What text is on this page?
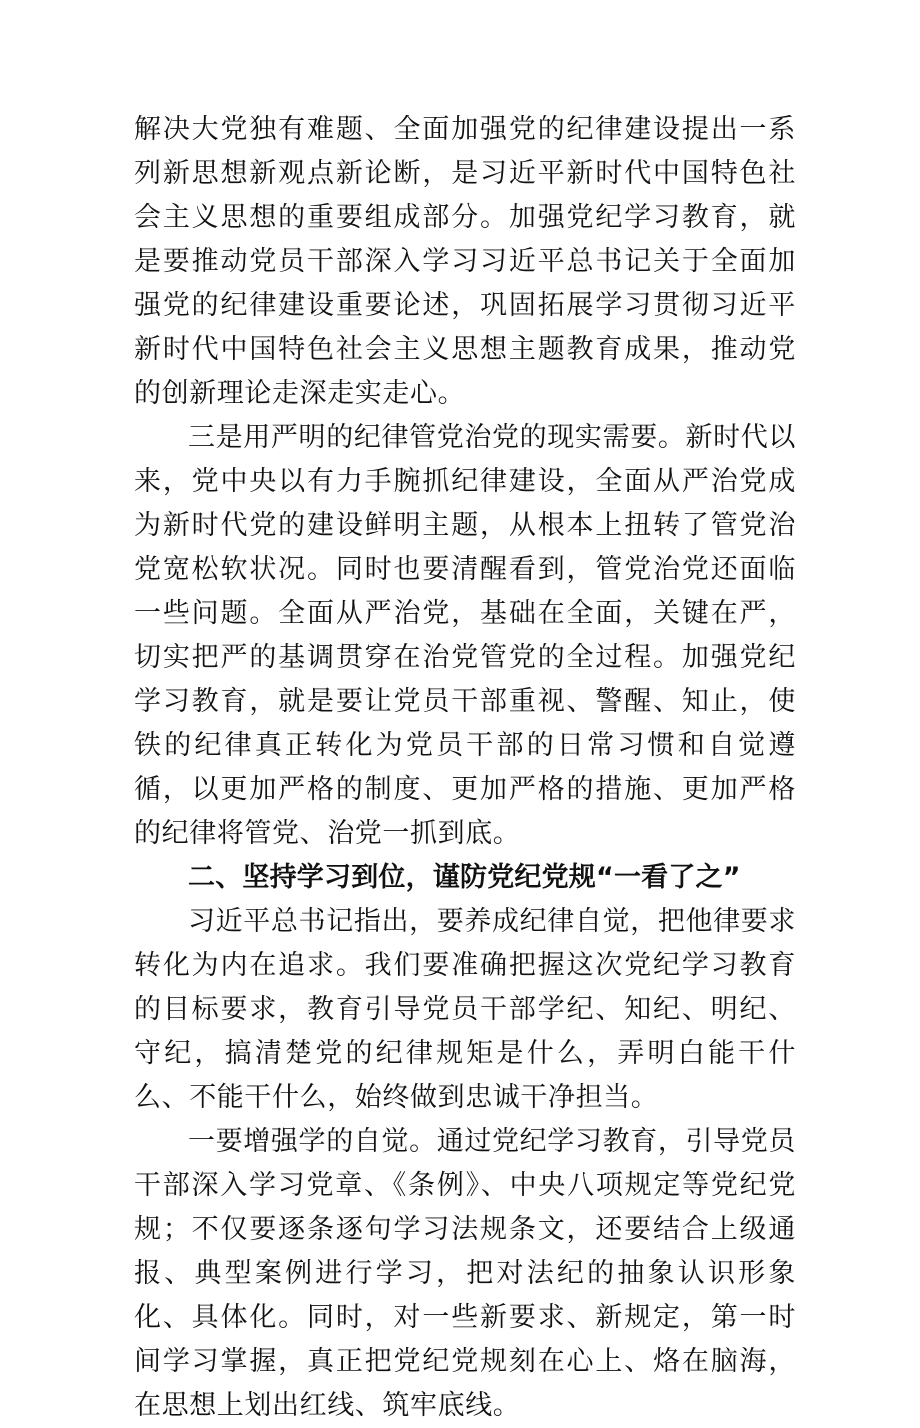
解决大党独有难题、全面加强党的纪律建设提出一系列新思想新观点新论断，是习近平新时代中国特色社会主义思想的重要组成部分。加强党纪学习教育，就是要推动党员干部深入学习习近平总书记关于全面加强党的纪律建设重要论述，巩固拓展学习贯彻习近平新时代中国特色社会主义思想主题教育成果，推动党的创新理论走深走实走心。

三是用严明的纪律管党治党的现实需要。新时代以来，党中央以有力手腕抓纪律建设，全面从严治党成为新时代党的建设鲜明主题，从根本上扭转了管党治党宽松软状况。同时也要清醒看到，管党治党还面临一些问题。全面从严治党，基础在全面，关键在严，切实把严的基调贯穿在治党管党的全过程。加强党纪学习教育，就是要让党员干部重视、警醒、知止，使铁的纪律真正转化为党员干部的日常习惯和自觉遵循，以更加严格的制度、更加严格的措施、更加严格的纪律将管党、治党一抓到底。

二、坚持学习到位，谨防党纪党规“一看了之”

习近平总书记指出，要养成纪律自觉，把他律要求转化为内在追求。我们要准确把握这次党纪学习教育的目标要求，教育引导党员干部学纪、知纪、明纪、守纪，搞清楚党的纪律规矩是什么，弄明白能干什么、不能干什么，始终做到忠诚干净担当。

一要增强学的自觉。通过党纪学习教育，引导党员干部深入学习党章、《条例》、中央八项规定等党纪党规；不仅要逐条逐句学习法规条文，还要结合上级通报、典型案例进行学习，把对法纪的抽象认识形象化、具体化。同时，对一些新要求、新规定，第一时间学习掌握，真正把党纪党规刻在心上、烙在脑海，在思想上划出红线、筑牢底线。
